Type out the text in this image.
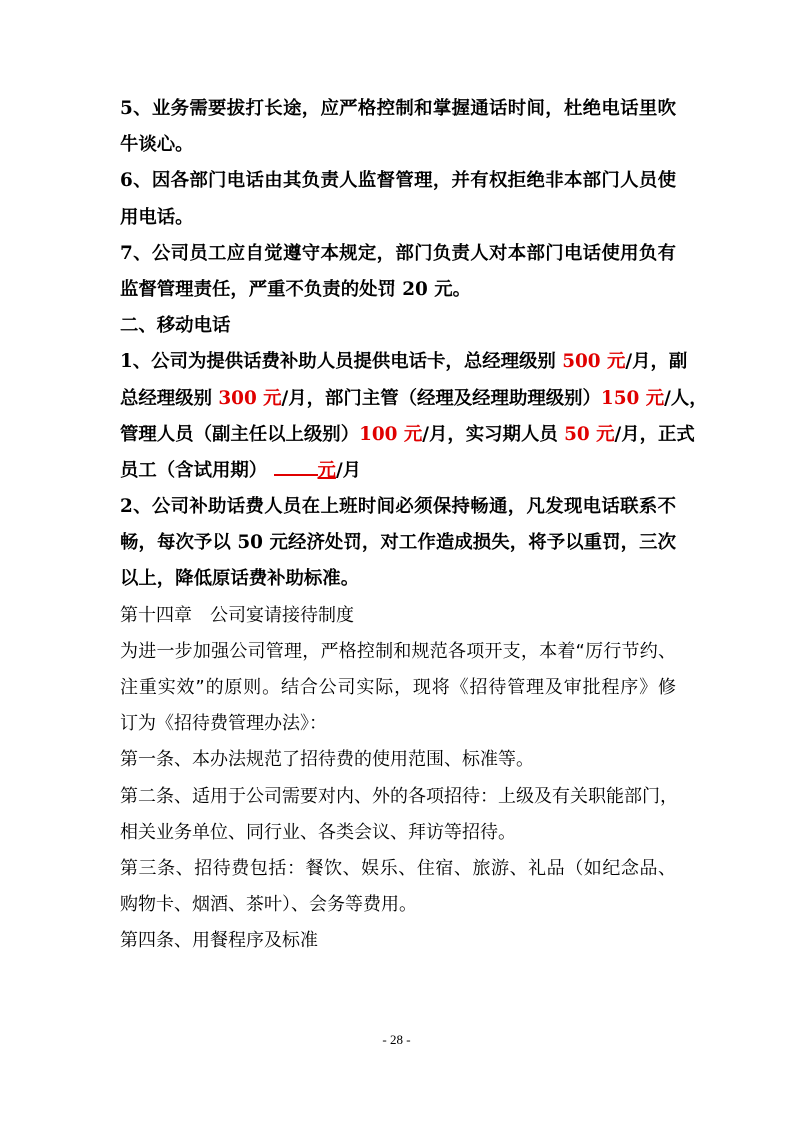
5、业务需要拔打长途，应严格控制和掌握通话时间，杜绝电话里吹
牛谈心。
6、因各部门电话由其负责人监督管理，并有权拒绝非本部门人员使
用电话。
7、公司员工应自觉遵守本规定，部门负责人对本部门电话使用负有
监督管理责任，严重不负责的处罚 20 元。
二、移动电话
1、公司为提供话费补助人员提供电话卡，总经理级别 500 元/月，副
总经理级别 300 元/月，部门主管（经理及经理助理级别）150 元/人，
管理人员（副主任以上级别）100 元/月，实习期人员 50 元/月，正式
员工（含试用期） 元/月
2、公司补助话费人员在上班时间必须保持畅通，凡发现电话联系不
畅，每次予以 50 元经济处罚，对工作造成损失，将予以重罚，三次
以上，降低原话费补助标准。
第十四章　公司宴请接待制度
为进一步加强公司管理，严格控制和规范各项开支，本着“厉行节约、
注重实效”的原则。结合公司实际，现将《招待管理及审批程序》修
订为《招待费管理办法》：
第一条、本办法规范了招待费的使用范围、标准等。
第二条、适用于公司需要对内、外的各项招待：上级及有关职能部门，
相关业务单位、同行业、各类会议、拜访等招待。
第三条、招待费包括：餐饮、娱乐、住宿、旅游、礼品（如纪念品、
购物卡、烟酒、茶叶）、会务等费用。
第四条、用餐程序及标准
- 28 -
